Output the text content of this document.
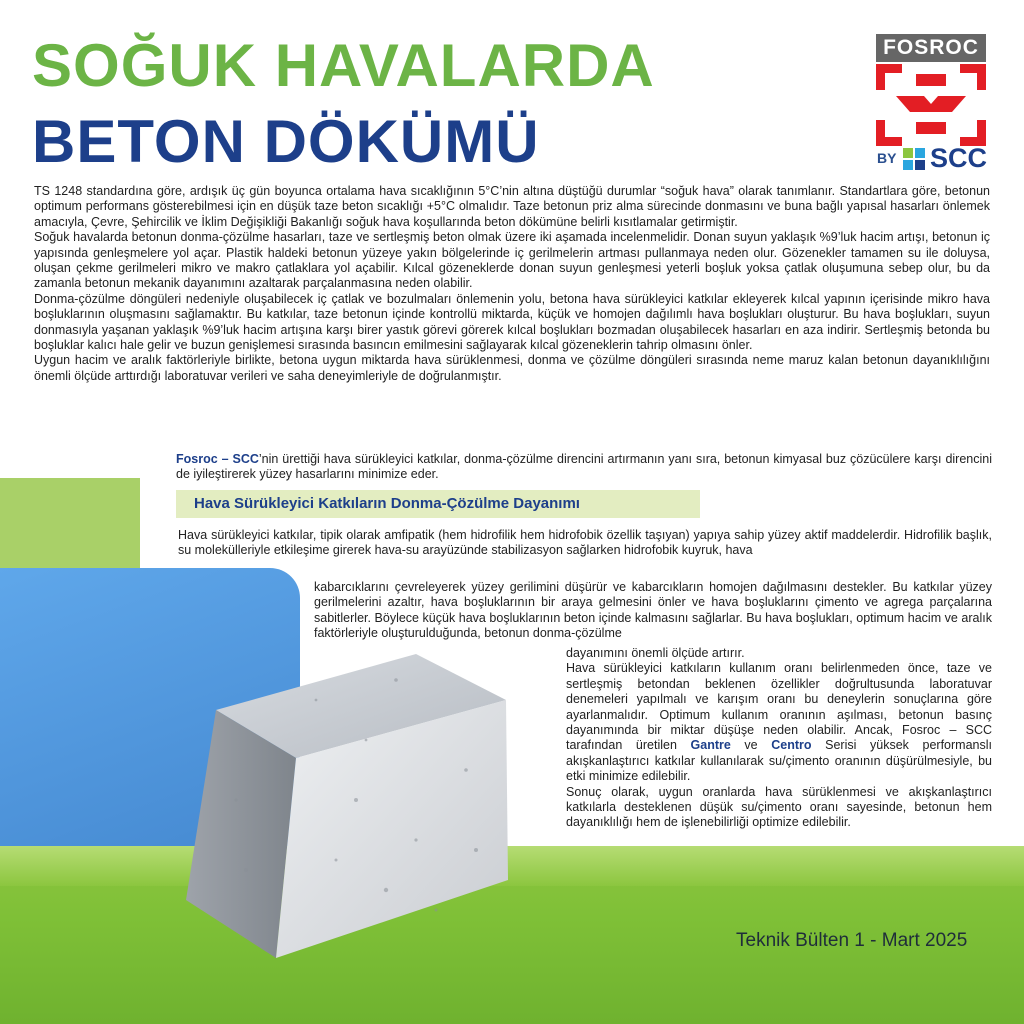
SOĞUK HAVALARDA
BETON DÖKÜMÜ
FOSROC
BY SCC

TS 1248 standardına göre, ardışık üç gün boyunca ortalama hava sıcaklığının 5°C’nin altına düştüğü durumlar “soğuk hava” olarak tanımlanır. Standartlara göre, betonun optimum performans gösterebilmesi için en düşük taze beton sıcaklığı +5°C olmalıdır. Taze betonun priz alma sürecinde donmasını ve buna bağlı yapısal hasarları önlemek amacıyla, Çevre, Şehircilik ve İklim Değişikliği Bakanlığı soğuk hava koşullarında beton dökümüne belirli kısıtlamalar getirmiştir.

Soğuk havalarda betonun donma-çözülme hasarları, taze ve sertleşmiş beton olmak üzere iki aşamada incelenmelidir. Donan suyun yaklaşık %9’luk hacim artışı, betonun iç yapısında genleşmelere yol açar. Plastik haldeki betonun yüzeye yakın bölgelerinde iç gerilmelerin artması pullanmaya neden olur. Gözenekler tamamen su ile doluysa, oluşan çekme gerilmeleri mikro ve makro çatlaklara yol açabilir. Kılcal gözeneklerde donan suyun genleşmesi yeterli boşluk yoksa çatlak oluşumuna sebep olur, bu da zamanla betonun mekanik dayanımını azaltarak parçalanmasına neden olabilir.

Donma-çözülme döngüleri nedeniyle oluşabilecek iç çatlak ve bozulmaları önlemenin yolu, betona hava sürükleyici katkılar ekleyerek kılcal yapının içerisinde mikro hava boşluklarının oluşmasını sağlamaktır. Bu katkılar, taze betonun içinde kontrollü miktarda, küçük ve homojen dağılımlı hava boşlukları oluşturur. Bu hava boşlukları, suyun donmasıyla yaşanan yaklaşık %9’luk hacim artışına karşı birer yastık görevi görerek kılcal boşlukları bozmadan oluşabilecek hasarları en aza indirir. Sertleşmiş betonda bu boşluklar kalıcı hale gelir ve buzun genişlemesi sırasında basıncın emilmesini sağlayarak kılcal gözeneklerin tahrip olmasını önler.

Uygun hacim ve aralık faktörleriyle birlikte, betona uygun miktarda hava sürüklenmesi, donma ve çözülme döngüleri sırasında neme maruz kalan betonun dayanıklılığını önemli ölçüde arttırdığı laboratuvar verileri ve saha deneyimleriyle de doğrulanmıştır.

Fosroc – SCC’nin ürettiği hava sürükleyici katkılar, donma-çözülme direncini artırmanın yanı sıra, betonun kimyasal buz çözücülere karşı direncini de iyileştirerek yüzey hasarlarını minimize eder.

Hava Sürükleyici Katkıların Donma-Çözülme Dayanımı

Hava sürükleyici katkılar, tipik olarak amfipatik (hem hidrofilik hem hidrofobik özellik taşıyan) yapıya sahip yüzey aktif maddelerdir. Hidrofilik başlık, su molekülleriyle etkileşime girerek hava-su arayüzünde stabilizasyon sağlarken hidrofobik kuyruk, hava

kabarcıklarını çevreleyerek yüzey gerilimini düşürür ve kabarcıkların homojen dağılmasını destekler. Bu katkılar yüzey gerilmelerini azaltır, hava boşluklarının bir araya gelmesini önler ve hava boşluklarını çimento ve agrega parçalarına sabitlerler. Böylece küçük hava boşluklarının beton içinde kalmasını sağlarlar. Bu hava boşlukları, optimum hacim ve aralık faktörleriyle oluşturulduğunda, betonun donma-çözülme

dayanımını önemli ölçüde artırır.

Hava sürükleyici katkıların kullanım oranı belirlenmeden önce, taze ve sertleşmiş betondan beklenen özellikler doğrultusunda laboratuvar denemeleri yapılmalı ve karışım oranı bu deneylerin sonuçlarına göre ayarlanmalıdır. Optimum kullanım oranının aşılması, betonun basınç dayanımında bir miktar düşüşe neden olabilir. Ancak, Fosroc – SCC tarafından üretilen Gantre ve Centro Serisi yüksek performanslı akışkanlaştırıcı katkılar kullanılarak su/çimento oranının düşürülmesiyle, bu etki minimize edilebilir.

Sonuç olarak, uygun oranlarda hava sürüklenmesi ve akışkanlaştırıcı katkılarla desteklenen düşük su/çimento oranı sayesinde, betonun hem dayanıklılığı hem de işlenebilirliği optimize edilebilir.

Teknik Bülten 1 - Mart 2025
